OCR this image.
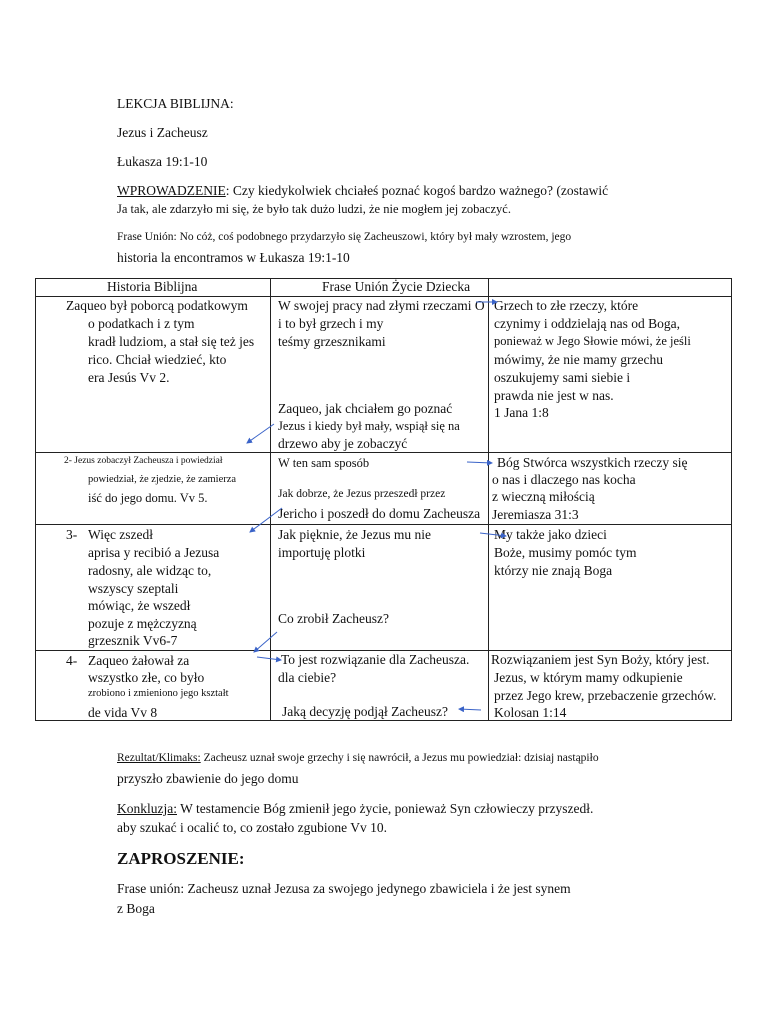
LEKCJA BIBLIJNA:
Jezus i Zacheusz
Łukasza 19:1-10
WPROWADZENIE: Czy kiedykolwiek chciałeś poznać kogoś bardzo ważnego? (zostawić
Ja tak, ale zdarzyło mi się, że było tak dużo ludzi, że nie mogłem jej zobaczyć.
Frase Unión: No cóż, coś podobnego przydarzyło się Zacheuszowi, który był mały wzrostem, jego
historia la encontramos w Łukasza 19:1-10
Historia Biblijna	Frase Unión Życie Dziecka
Zaqueo był poborcą podatkowym
o podatkach i z tym
kradł ludziom, a stał się też jes
rico. Chciał wiedzieć, kto
era Jesús Vv 2.
W swojej pracy nad złymi rzeczami O
i to był grzech i my
teśmy grzesznikami
Zaqueo, jak chciałem go poznać
Jezus i kiedy był mały, wspiął się na
drzewo aby je zobaczyć
Grzech to złe rzeczy, które
czynimy i oddzielają nas od Boga,
ponieważ w Jego Słowie mówi, że jeśli
mówimy, że nie mamy grzechu
oszukujemy sami siebie i
prawda nie jest w nas.
1 Jana 1:8
2- Jezus zobaczył Zacheusza i powiedział
powiedział, że zjedzie, że zamierza
iść do jego domu. Vv 5.
W ten sam sposób
Jak dobrze, że Jezus przeszedł przez
Jericho i poszedł do domu Zacheusza
Bóg Stwórca wszystkich rzeczy się
o nas i dlaczego nas kocha
z wieczną miłością
Jeremiasza 31:3
3- Więc zszedł
aprisa y recibió a Jezusa
radosny, ale widząc to,
wszyscy szeptali
mówiąc, że wszedł
pozuje z mężczyzną
grzesznik Vv6-7
Jak pięknie, że Jezus mu nie
importuję plotki
Co zrobił Zacheusz?
My także jako dzieci
Boże, musimy pomóc tym
którzy nie znają Boga
4- Zaqueo żałował za
wszystko złe, co było
zrobiono i zmieniono jego kształt
de vida Vv 8
To jest rozwiązanie dla Zacheusza.
dla ciebie?
Jaką decyzję podjął Zacheusz?
Rozwiązaniem jest Syn Boży, który jest.
Jezus, w którym mamy odkupienie
przez Jego krew, przebaczenie grzechów.
Kolosan 1:14
Rezultat/Klimaks: Zacheusz uznał swoje grzechy i się nawrócił, a Jezus mu powiedział: dzisiaj nastąpiło
przyszło zbawienie do jego domu
Konkluzja: W testamencie Bóg zmienił jego życie, ponieważ Syn człowieczy przyszedł.
aby szukać i ocalić to, co zostało zgubione Vv 10.
ZAPROSZENIE:
Frase unión: Zacheusz uznał Jezusa za swojego jedynego zbawiciela i że jest synem
z Boga
